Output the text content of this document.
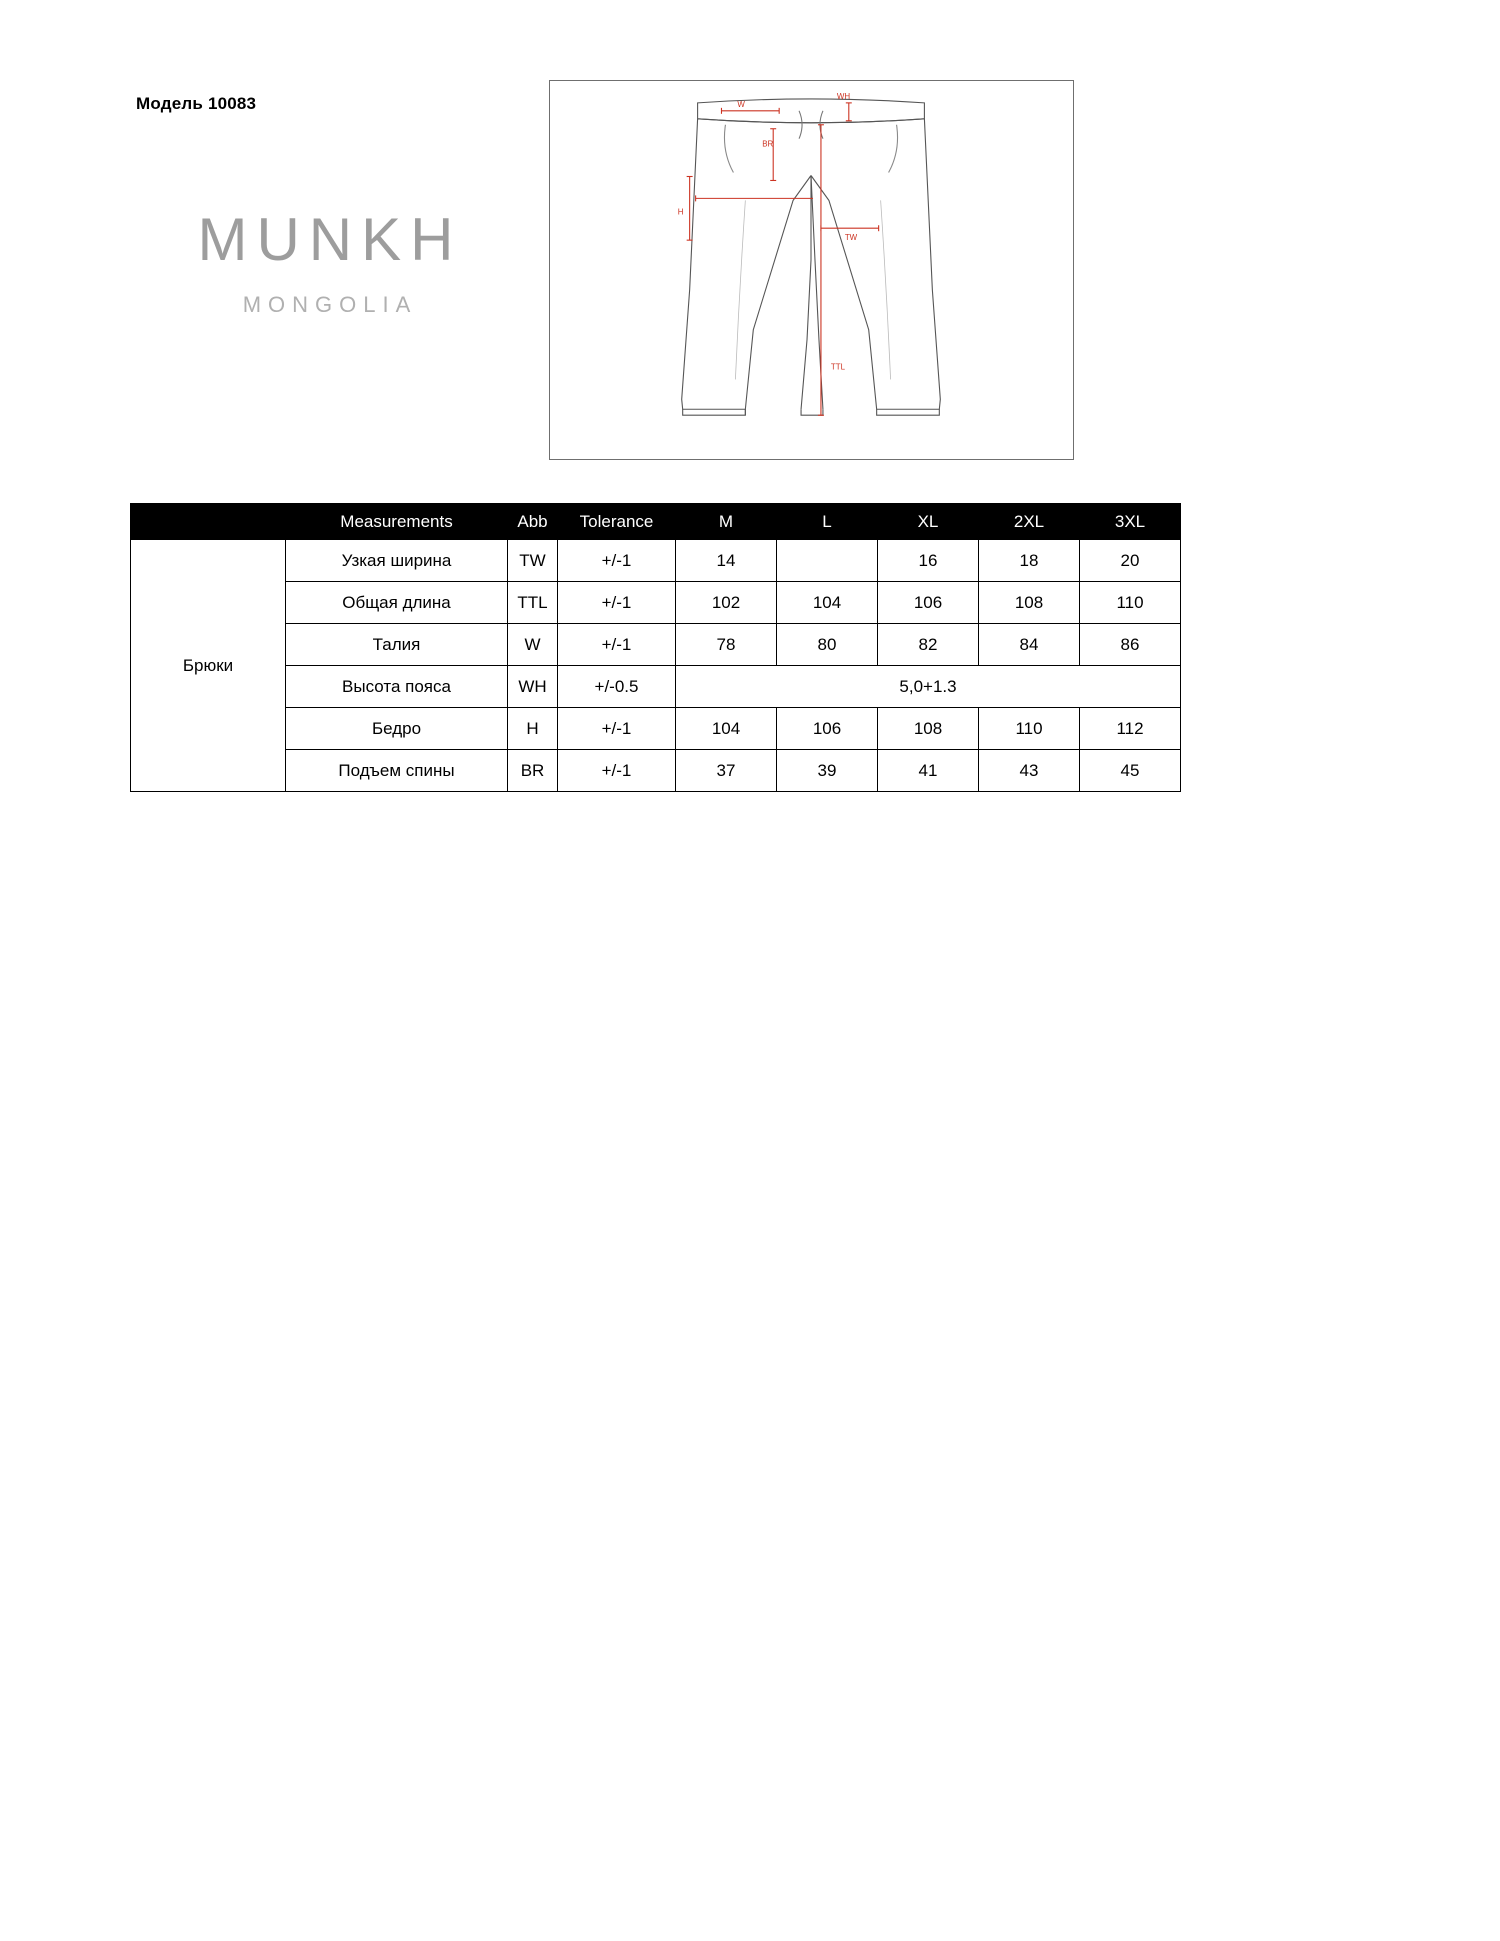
Модель 10083
MUNKH
MONGOLIA
W
WH
BR
H
TW
TTL
	Measurements	Abb	Tolerance	M	L	XL	2XL	3XL
Брюки	Узкая ширина	TW	+/-1	14		16	18	20
	Общая длина	TTL	+/-1	102	104	106	108	110
	Талия	W	+/-1	78	80	82	84	86
	Высота пояса	WH	+/-0.5	5,0+1.3				
	Бедро	H	+/-1	104	106	108	110	112
	Подъем спины	BR	+/-1	37	39	41	43	45
